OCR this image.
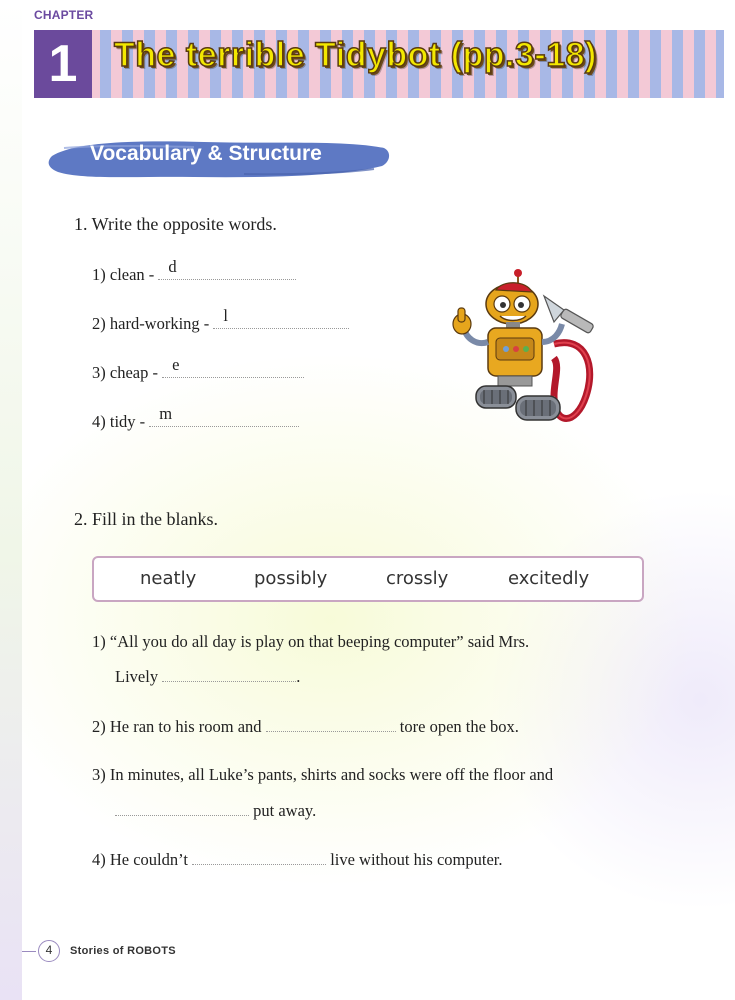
CHAPTER
1	The terrible Tidybot (pp.3-18)
Vocabulary & Structure
1. Write the opposite words.
1) clean - d
2) hard-working - l
3) cheap - e
4) tidy - m
2. Fill in the blanks.
neatly	possibly	crossly	excitedly
1) “All you do all day is play on that beeping computer” said Mrs.
Lively	.
2) He ran to his room and	tore open the box.
3) In minutes, all Luke’s pants, shirts and socks were off the floor and
put away.
4) He couldn’t	live without his computer.
4	Stories of ROBOTS
